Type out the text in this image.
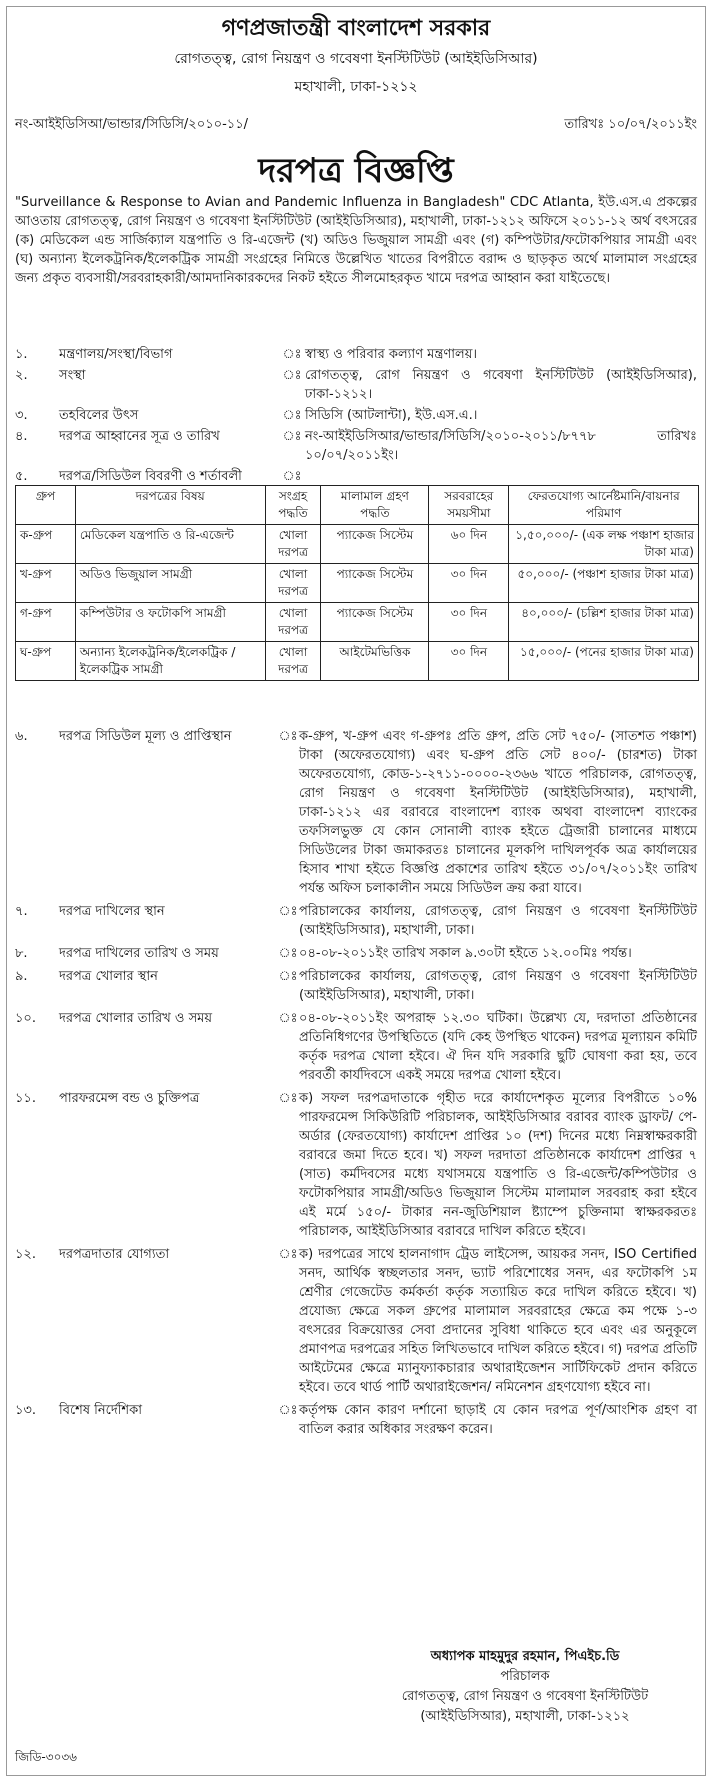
গণপ্রজাতন্ত্রী বাংলাদেশ সরকার
রোগতত্ত্ব, রোগ নিয়ন্ত্রণ ও গবেষণা ইনস্টিটিউট (আইইডিসিআর)
মহাখালী, ঢাকা-১২১২
নং-আইইডিসিআ/ভান্ডার/সিডিসি/২০১০-১১/	তারিখঃ ১০/০৭/২০১১ইং
দরপত্র বিজ্ঞপ্তি
"Surveillance & Response to Avian and Pandemic Influenza in Bangladesh" CDC Atlanta, ইউ.এস.এ প্রকল্পের আওতায় রোগতত্ত্ব, রোগ নিয়ন্ত্রণ ও গবেষণা ইনস্টিটিউট (আইইডিসিআর), মহাখালী, ঢাকা-১২১২ অফিসে ২০১১-১২ অর্থ বৎসরের (ক) মেডিকেল এন্ড সার্জিক্যাল যন্ত্রপাতি ও রি-এজেন্ট (খ) অডিও ভিজুয়াল সামগ্রী এবং (গ) কম্পিউটার/ফটোকপিয়ার সামগ্রী এবং (ঘ) অন্যান্য ইলেকট্রনিক/ইলেকট্রিক সামগ্রী সংগ্রহের নিমিত্তে উল্লেখিত খাতের বিপরীতে বরাদ্দ ও ছাড়কৃত অর্থে মালামাল সংগ্রহের জন্য প্রকৃত ব্যবসায়ী/সরবরাহকারী/আমদানিকারকদের নিকট হইতে সীলমোহরকৃত খামে দরপত্র আহ্বান করা যাইতেছে।
১.	মন্ত্রণালয়/সংস্থা/বিভাগ	ঃ স্বাস্থ্য ও পরিবার কল্যাণ মন্ত্রণালয়।
২.	সংস্থা	ঃ রোগতত্ত্ব, রোগ নিয়ন্ত্রণ ও গবেষণা ইনস্টিটিউট (আইইডিসিআর), ঢাকা-১২১২।
৩.	তহবিলের উৎস	ঃ সিডিসি (আটলান্টা), ইউ.এস.এ.।
৪.	দরপত্র আহ্বানের সূত্র ও তারিখ	ঃ নং-আইইডিসিআর/ভান্ডার/সিডিসি/২০১০-২০১১/৮৭৭৮ তারিখঃ ১০/০৭/২০১১ইং।
৫.	দরপত্র/সিডিউল বিবরণী ও শর্তাবলী	ঃ
গ্রুপ	দরপত্রের বিষয়	সংগ্রহ পদ্ধতি	মালামাল গ্রহণ পদ্ধতি	সরবরাহের সময়সীমা	ফেরতযোগ্য আর্নেষ্টমানি/বায়নার পরিমাণ
ক-গ্রুপ	মেডিকেল যন্ত্রপাতি ও রি-এজেন্ট	খোলা দরপত্র	প্যাকেজ সিস্টেম	৬০ দিন	১,৫০,০০০/- (এক লক্ষ পঞ্চাশ হাজার টাকা মাত্র)
খ-গ্রুপ	অডিও ভিজুয়াল সামগ্রী	খোলা দরপত্র	প্যাকেজ সিস্টেম	৩০ দিন	৫০,০০০/- (পঞ্চাশ হাজার টাকা মাত্র)
গ-গ্রুপ	কম্পিউটার ও ফটোকপি সামগ্রী	খোলা দরপত্র	প্যাকেজ সিস্টেম	৩০ দিন	৪০,০০০/- (চল্লিশ হাজার টাকা মাত্র)
ঘ-গ্রুপ	অন্যান্য ইলেকট্রনিক/ইলেকট্রিক /ইলেকট্রিক সামগ্রী	খোলা দরপত্র	আইটেমভিত্তিক	৩০ দিন	১৫,০০০/- (পনের হাজার টাকা মাত্র)
৬.	দরপত্র সিডিউল মূল্য ও প্রাপ্তিস্থান	ঃ ক-গ্রুপ, খ-গ্রুপ এবং গ-গ্রুপঃ প্রতি গ্রুপ, প্রতি সেট ৭৫০/- (সাতশত পঞ্চাশ) টাকা (অফেরতযোগ্য) এবং ঘ-গ্রুপ প্রতি সেট ৪০০/- (চারশত) টাকা অফেরতযোগ্য, কোড-১-২৭১১-০০০০-২৩৬৬ খাতে পরিচালক, রোগতত্ত্ব, রোগ নিয়ন্ত্রণ ও গবেষণা ইনস্টিটিউট (আইইডিসিআর), মহাখালী, ঢাকা-১২১২ এর বরাবরে বাংলাদেশ ব্যাংক অথবা বাংলাদেশ ব্যাংকের তফসিলভুক্ত যে কোন সোনালী ব্যাংক হইতে ট্রেজারী চালানের মাধ্যমে সিডিউলের টাকা জমাকরতঃ চালানের মূলকপি দাখিলপূর্বক অত্র কার্যালয়ের হিসাব শাখা হইতে বিজ্ঞপ্তি প্রকাশের তারিখ হইতে ৩১/০৭/২০১১ইং তারিখ পর্যন্ত অফিস চলাকালীন সময়ে সিডিউল ক্রয় করা যাবে।
৭.	দরপত্র দাখিলের স্থান	ঃ পরিচালকের কার্যালয়, রোগতত্ত্ব, রোগ নিয়ন্ত্রণ ও গবেষণা ইনস্টিটিউট (আইইডিসিআর), মহাখালী, ঢাকা।
৮.	দরপত্র দাখিলের তারিখ ও সময়	ঃ ০৪-০৮-২০১১ইং তারিখ সকাল ৯.৩০টা হইতে ১২.০০মিঃ পর্যন্ত।
৯.	দরপত্র খোলার স্থান	ঃ পরিচালকের কার্যালয়, রোগতত্ত্ব, রোগ নিয়ন্ত্রণ ও গবেষণা ইনস্টিটিউট (আইইডিসিআর), মহাখালী, ঢাকা।
১০.	দরপত্র খোলার তারিখ ও সময়	ঃ ০৪-০৮-২০১১ইং অপরাহ্ন ১২.৩০ ঘটিকা। উল্লেখ্য যে, দরদাতা প্রতিষ্ঠানের প্রতিনিধিগণের উপস্থিতিতে (যদি কেহ উপস্থিত থাকেন) দরপত্র মূল্যায়ন কমিটি কর্তৃক দরপত্র খোলা হইবে। ঐ দিন যদি সরকারি ছুটি ঘোষণা করা হয়, তবে পরবর্তী কার্যদিবসে একই সময়ে দরপত্র খোলা হইবে।
১১.	পারফরমেন্স বন্ড ও চুক্তিপত্র	ঃ ক) সফল দরপত্রদাতাকে গৃহীত দরে কার্যাদেশকৃত মূল্যের বিপরীতে ১০% পারফরমেন্স সিকিউরিটি পরিচালক, আইইডিসিআর বরাবর ব্যাংক ড্রাফট/ পে-অর্ডার (ফেরতযোগ্য) কার্যাদেশ প্রাপ্তির ১০ (দশ) দিনের মধ্যে নিম্নস্বাক্ষরকারী বরাবরে জমা দিতে হবে। খ) সফল দরদাতা প্রতিষ্ঠানকে কার্যাদেশ প্রাপ্তির ৭ (সাত) কর্মদিবসের মধ্যে যথাসময়ে যন্ত্রপাতি ও রি-এজেন্ট/কম্পিউটার ও ফটোকপিয়ার সামগ্রী/অডিও ভিজুয়াল সিস্টেম মালামাল সরবরাহ করা হইবে এই মর্মে ১৫০/- টাকার নন-জুডিশিয়াল ষ্ট্যাম্পে চুক্তিনামা স্বাক্ষরকরতঃ পরিচালক, আইইডিসিআর বরাবরে দাখিল করিতে হইবে।
১২.	দরপত্রদাতার যোগ্যতা	ঃ ক) দরপত্রের সাথে হালনাগাদ ট্রেড লাইসেন্স, আয়কর সনদ, ISO Certified সনদ, আর্থিক স্বচ্ছলতার সনদ, ভ্যাট পরিশোধের সনদ, এর ফটোকপি ১ম শ্রেণীর গেজেটেড কর্মকর্তা কর্তৃক সত্যায়িত করে দাখিল করিতে হইবে। খ) প্রযোজ্য ক্ষেত্রে সকল গ্রুপের মালামাল সরবরাহের ক্ষেত্রে কম পক্ষে ১-৩ বৎসরের বিক্রয়োত্তর সেবা প্রদানের সুবিধা থাকিতে হবে এবং এর অনুকূলে প্রমাণপত্র দরপত্রের সহিত লিখিতভাবে দাখিল করিতে হইবে। গ) দরপত্র প্রতিটি আইটেমের ক্ষেত্রে ম্যানুফ্যাকচারার অথারাইজেশন সার্টিফিকেট প্রদান করিতে হইবে। তবে থার্ড পার্টি অথারাইজেশন/ নমিনেশন গ্রহণযোগ্য হইবে না।
১৩.	বিশেষ নির্দেশিকা	ঃ কর্তৃপক্ষ কোন কারণ দর্শানো ছাড়াই যে কোন দরপত্র পূর্ণ/আংশিক গ্রহণ বা বাতিল করার অধিকার সংরক্ষণ করেন।
অধ্যাপক মাহমুদুর রহমান, পিএইচ.ডি
পরিচালক
রোগতত্ত্ব, রোগ নিয়ন্ত্রণ ও গবেষণা ইনস্টিটিউট
(আইইডিসিআর), মহাখালী, ঢাকা-১২১২
জিডি-৩০৩৬
